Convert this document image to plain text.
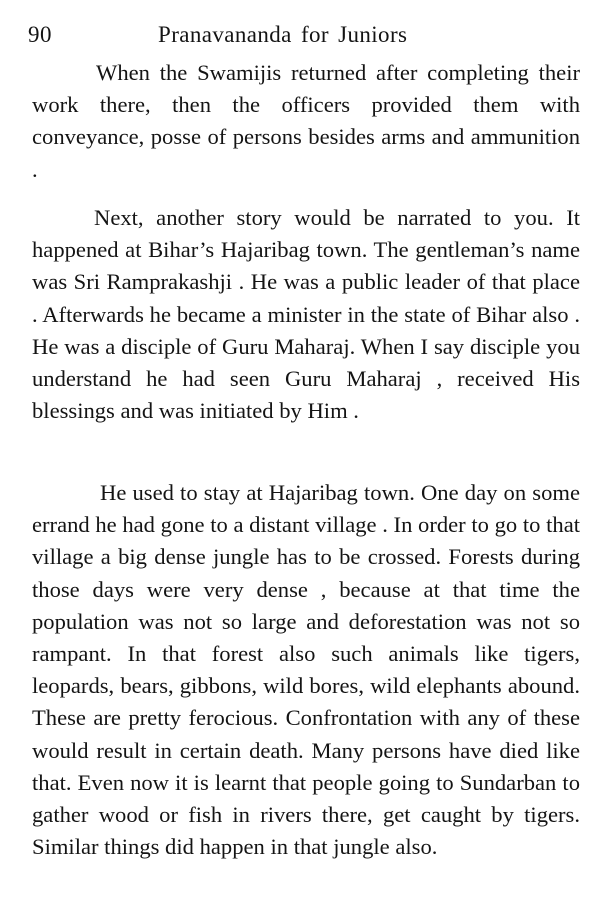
90	Pranavananda for Juniors

When the Swamijis returned after completing their work there, then the officers provided them with conveyance, posse of persons besides arms and ammunition .

Next, another story would be narrated to you. It happened at Bihar’s Hajaribag town. The gentleman’s name was Sri Ramprakashji . He was a public leader of that place . Afterwards he became a minister in the state of Bihar also . He was a disciple of Guru Maharaj. When I say disciple you understand he had seen Guru Maharaj , received His blessings and was initiated by Him .

He used to stay at Hajaribag town. One day on some errand he had gone to a distant village . In order to go to that village a big dense jungle has to be crossed. Forests during those days were very dense , because at that time the population was not so large and deforestation was not so rampant. In that forest also such animals like tigers, leopards, bears, gibbons, wild bores, wild elephants abound. These are pretty ferocious. Confrontation with any of these would result in certain death. Many persons have died like that. Even now it is learnt that people going to Sundarban to gather wood or fish in rivers there, get caught by tigers. Similar things did happen in that jungle also.
